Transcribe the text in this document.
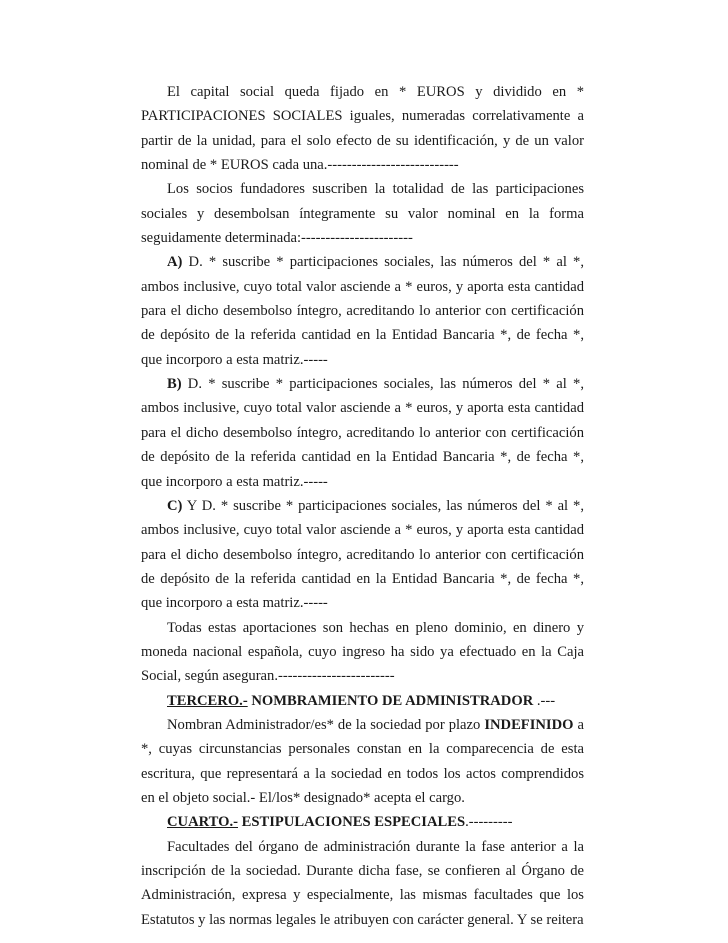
El capital social queda fijado en * EUROS y dividido en * PARTICIPACIONES SOCIALES iguales, numeradas correlativamente a partir de la unidad, para el solo efecto de su identificación, y de un valor nominal de * EUROS cada una.---------------------------

Los socios fundadores suscriben la totalidad de las participaciones sociales y desembolsan íntegramente su valor nominal en la forma seguidamente determinada:-----------------------

A) D. * suscribe * participaciones sociales, las números del * al *, ambos inclusive, cuyo total valor asciende a * euros, y aporta esta cantidad para el dicho desembolso íntegro, acreditando lo anterior con certificación de depósito de la referida cantidad en la Entidad Bancaria *, de fecha *, que incorporo a esta matriz.-----

B) D. * suscribe * participaciones sociales, las números del * al *, ambos inclusive, cuyo total valor asciende a * euros, y aporta esta cantidad para el dicho desembolso íntegro, acreditando lo anterior con certificación de depósito de la referida cantidad en la Entidad Bancaria *, de fecha *, que incorporo a esta matriz.-----

C) Y D. * suscribe * participaciones sociales, las números del * al *, ambos inclusive, cuyo total valor asciende a * euros, y aporta esta cantidad para el dicho desembolso íntegro, acreditando lo anterior con certificación de depósito de la referida cantidad en la Entidad Bancaria *, de fecha *, que incorporo a esta matriz.-----

Todas estas aportaciones son hechas en pleno dominio, en dinero y moneda nacional española, cuyo ingreso ha sido ya efectuado en la Caja Social, según aseguran.------------------------

TERCERO.- NOMBRAMIENTO DE ADMINISTRADOR .---

Nombran Administrador/es* de la sociedad por plazo INDEFINIDO a *, cuyas circunstancias personales constan en la comparecencia de esta escritura, que representará a la sociedad en todos los actos comprendidos en el objeto social.- El/los* designado* acepta el cargo.

CUARTO.- ESTIPULACIONES ESPECIALES.---------

Facultades del órgano de administración durante la fase anterior a la inscripción de la sociedad. Durante dicha fase, se confieren al Órgano de Administración, expresa y especialmente, las mismas facultades que los Estatutos y las normas legales le atribuyen con carácter general. Y se reitera
